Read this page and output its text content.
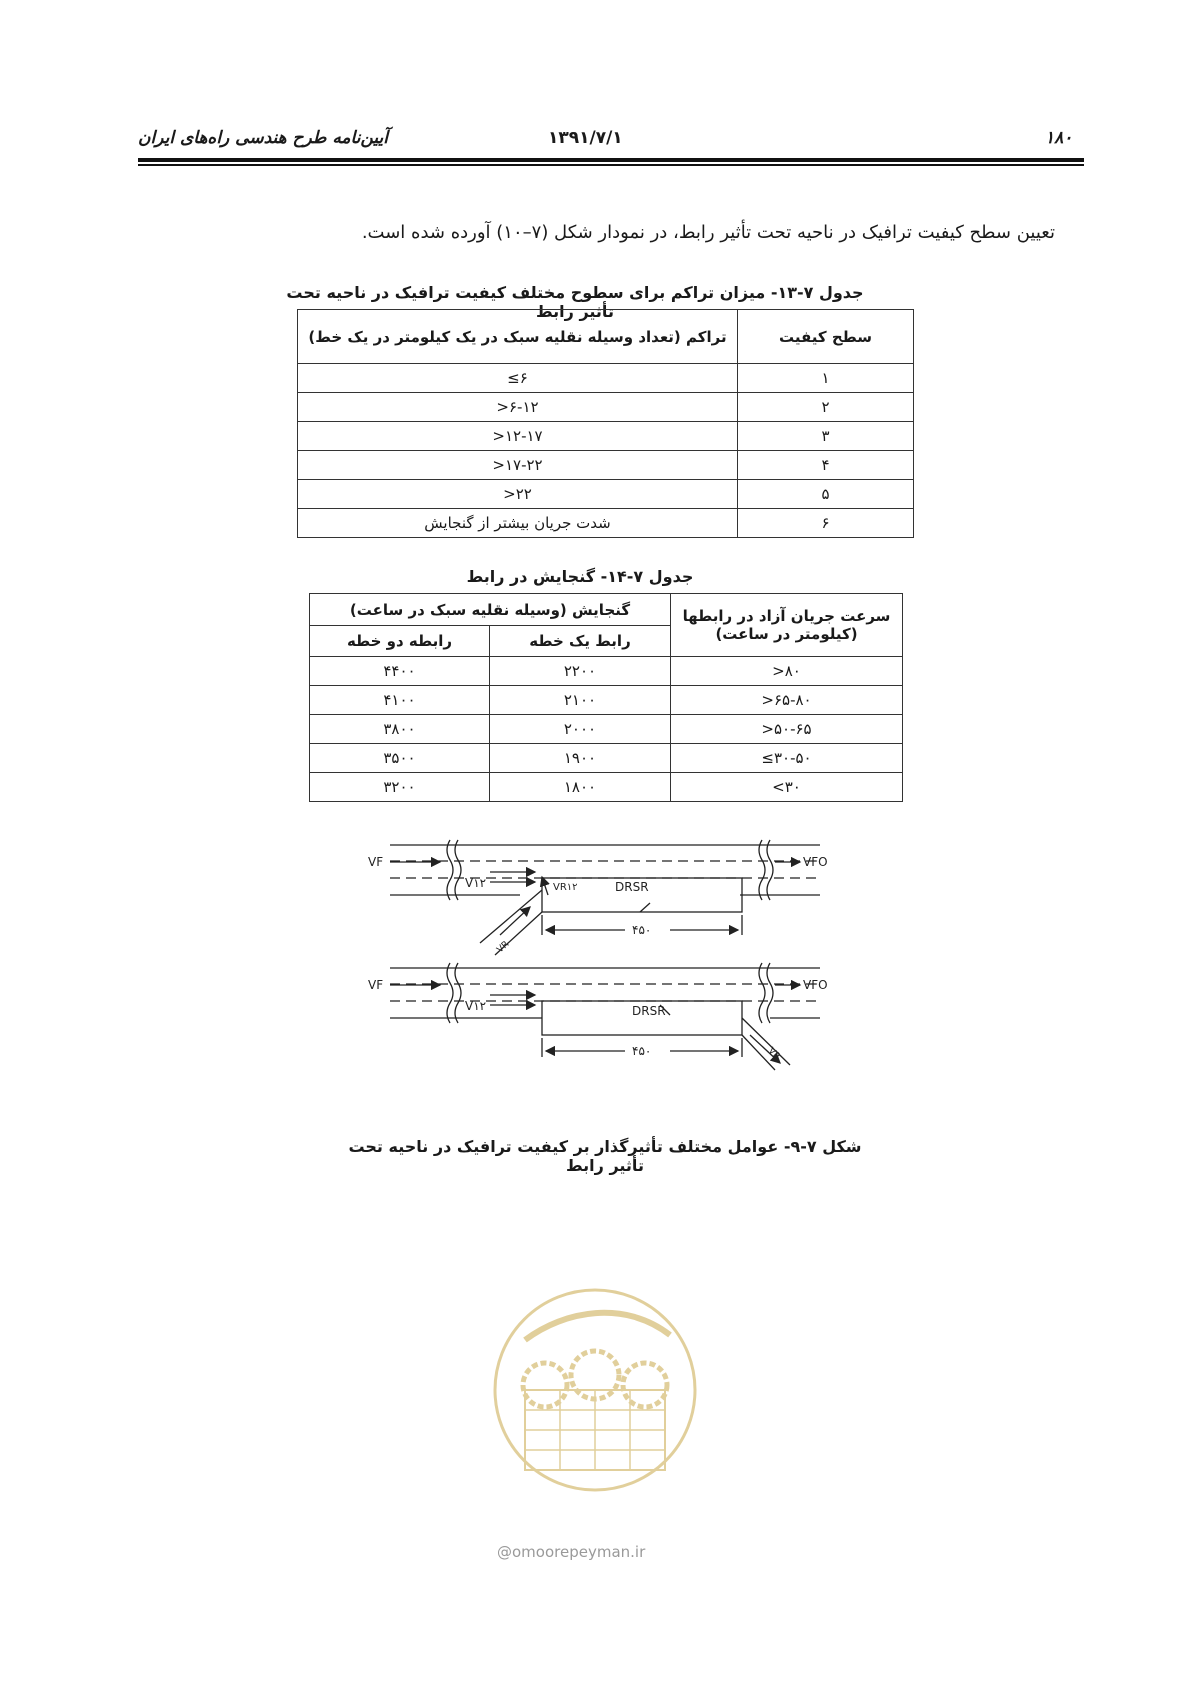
۱۸۰
۱۳۹۱/۷/۱
آیین‌نامه طرح هندسی راه‌های ایران
تعیین سطح کیفیت ترافیک در ناحیه تحت تأثیر رابط، در نمودار شکل (۷–۱۰) آورده شده است.
جدول ۷-۱۳- میزان تراکم برای سطوح مختلف کیفیت ترافیک در ناحیه تحت تأثیر رابط
سطح کیفیت	تراکم (تعداد وسیله نقلیه سبک در یک کیلومتر در یک خط)
۱	۶≥
۲	۶-۱۲<
۳	۱۲-۱۷<
۴	۱۷-۲۲<
۵	۲۲<
۶	شدت جریان بیشتر از گنجایش
جدول ۷-۱۴- گنجایش در رابط
سرعت جریان آزاد در رابطها (کیلومتر در ساعت)	گنجایش (وسیله نقلیه سبک در ساعت)	
	رابط یک خطه	رابطه دو خطه
۸۰<	۲۲۰۰	۴۴۰۰
۶۵-۸۰<	۲۱۰۰	۴۱۰۰
۵۰-۶۵<	۲۰۰۰	۳۸۰۰
۳۰-۵۰≥	۱۹۰۰	۳۵۰۰
۳۰>	۱۸۰۰	۳۲۰۰
VF
V۱۲	VR۱۲	DRSR
VFO
VR
۴۵۰
VF
V۱۲	DRSR
VFO
VR
۴۵۰
شکل ۷-۹- عوامل مختلف تأثیرگذار بر کیفیت ترافیک در ناحیه تحت تأثیر رابط
@omoorepeyman.ir
